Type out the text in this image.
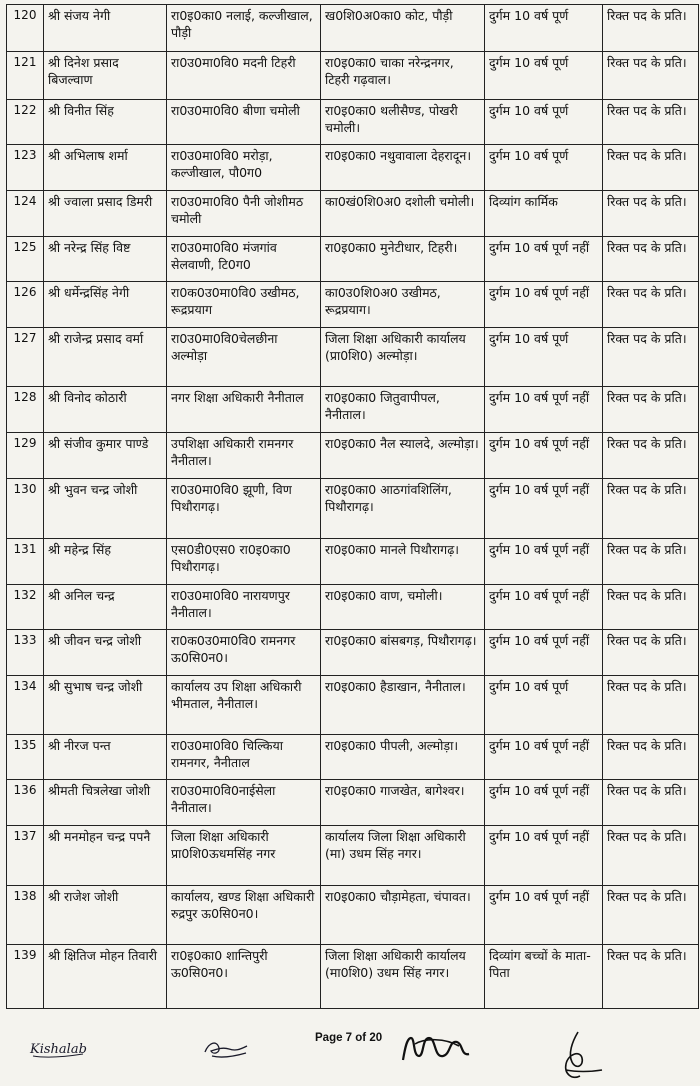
120	श्री संजय नेगी	रा0इ0का0 नलाई, कल्जीखाल, पौड़ी	ख0शि0अ0का0 कोट, पौड़ी	दुर्गम 10 वर्ष पूर्ण	रिक्त पद के प्रति।
121	श्री दिनेश प्रसाद बिजल्वाण	रा0उ0मा0वि0 मदनी टिहरी	रा0इ0का0 चाका नरेन्द्रनगर, टिहरी गढ़वाल।	दुर्गम 10 वर्ष पूर्ण	रिक्त पद के प्रति।
122	श्री विनीत सिंह	रा0उ0मा0वि0 बीणा चमोली	रा0इ0का0 थलीसैण्ड, पोखरी चमोली।	दुर्गम 10 वर्ष पूर्ण	रिक्त पद के प्रति।
123	श्री अभिलाष शर्मा	रा0उ0मा0वि0 मरोड़ा, कल्जीखाल, पौ0ग0	रा0इ0का0 नथुवावाला देहरादून।	दुर्गम 10 वर्ष पूर्ण	रिक्त पद के प्रति।
124	श्री ज्वाला प्रसाद डिमरी	रा0उ0मा0वि0 पैनी जोशीमठ चमोली	का0खं0शि0अ0 दशोली चमोली।	दिव्यांग कार्मिक	रिक्त पद के प्रति।
125	श्री नरेन्द्र सिंह विष्ट	रा0उ0मा0वि0 मंजगांव सेलवाणी, टि0ग0	रा0इ0का0 मुनेटीधार, टिहरी।	दुर्गम 10 वर्ष पूर्ण नहीं	रिक्त पद के प्रति।
126	श्री धर्मेन्द्रसिंह नेगी	रा0क0उ0मा0वि0 उखीमठ, रूद्रप्रयाग	का0उ0शि0अ0 उखीमठ, रूद्रप्रयाग।	दुर्गम 10 वर्ष पूर्ण नहीं	रिक्त पद के प्रति।
127	श्री राजेन्द्र प्रसाद वर्मा	रा0उ0मा0वि0चेलछीना अल्मोड़ा	जिला शिक्षा अधिकारी कार्यालय (प्रा0शि0) अल्मोड़ा।	दुर्गम 10 वर्ष पूर्ण	रिक्त पद के प्रति।
128	श्री विनोद कोठारी	नगर शिक्षा अधिकारी नैनीताल	रा0इ0का0 जितुवापीपल, नैनीताल।	दुर्गम 10 वर्ष पूर्ण नहीं	रिक्त पद के प्रति।
129	श्री संजीव कुमार पाण्डे	उपशिक्षा अधिकारी रामनगर नैनीताल।	रा0इ0का0 नैल स्यालदे, अल्मोड़ा।	दुर्गम 10 वर्ष पूर्ण नहीं	रिक्त पद के प्रति।
130	श्री भुवन चन्द्र जोशी	रा0उ0मा0वि0 झूणी, विण पिथौरागढ़।	रा0इ0का0 आठगांवशिलिंग, पिथौरागढ़।	दुर्गम 10 वर्ष पूर्ण नहीं	रिक्त पद के प्रति।
131	श्री महेन्द्र सिंह	एस0डी0एस0 रा0इ0का0 पिथौरागढ़।	रा0इ0का0 मानले पिथौरागढ़।	दुर्गम 10 वर्ष पूर्ण नहीं	रिक्त पद के प्रति।
132	श्री अनिल चन्द्र	रा0उ0मा0वि0 नारायणपुर नैनीताल।	रा0इ0का0 वाण, चमोली।	दुर्गम 10 वर्ष पूर्ण नहीं	रिक्त पद के प्रति।
133	श्री जीवन चन्द्र जोशी	रा0क0उ0मा0वि0 रामनगर ऊ0सि0न0।	रा0इ0का0 बांसबगड़, पिथौरागढ़।	दुर्गम 10 वर्ष पूर्ण नहीं	रिक्त पद के प्रति।
134	श्री सुभाष चन्द्र जोशी	कार्यालय उप शिक्षा अधिकारी भीमताल, नैनीताल।	रा0इ0का0 हैडाखान, नैनीताल।	दुर्गम 10 वर्ष पूर्ण	रिक्त पद के प्रति।
135	श्री नीरज पन्त	रा0उ0मा0वि0 चिल्किया रामनगर, नैनीताल	रा0इ0का0 पीपली, अल्मोड़ा।	दुर्गम 10 वर्ष पूर्ण नहीं	रिक्त पद के प्रति।
136	श्रीमती चित्रलेखा जोशी	रा0उ0मा0वि0नाईसेला नैनीताल।	रा0इ0का0 गाजखेत, बागेश्वर।	दुर्गम 10 वर्ष पूर्ण नहीं	रिक्त पद के प्रति।
137	श्री मनमोहन चन्द्र पपनै	जिला शिक्षा अधिकारी प्रा0शि0ऊधमसिंह नगर	कार्यालय जिला शिक्षा अधिकारी (मा) उधम सिंह नगर।	दुर्गम 10 वर्ष पूर्ण नहीं	रिक्त पद के प्रति।
138	श्री राजेश जोशी	कार्यालय, खण्ड शिक्षा अधिकारी रुद्रपुर ऊ0सि0न0।	रा0इ0का0 चौड़ामेहता, चंपावत।	दुर्गम 10 वर्ष पूर्ण नहीं	रिक्त पद के प्रति।
139	श्री क्षितिज मोहन तिवारी	रा0इ0का0 शान्तिपुरी ऊ0सि0न0।	जिला शिक्षा अधिकारी कार्यालय (मा0शि0) उधम सिंह नगर।	दिव्यांग बच्चों के माता-पिता	रिक्त पद के प्रति।
Kishalab
Page 7 of 20
